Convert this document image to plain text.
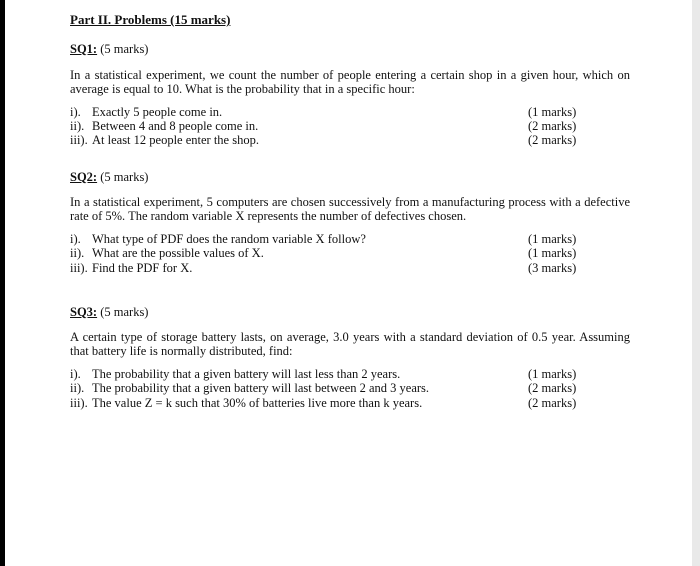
Part II. Problems (15 marks)
SQ1: (5 marks)
In a statistical experiment, we count the number of people entering a certain shop in a given hour, which on average is equal to 10. What is the probability that in a specific hour:
i). Exactly 5 people come in.	(1 marks)
ii). Between 4 and 8 people come in.	(2 marks)
iii). At least 12 people enter the shop.	(2 marks)
SQ2: (5 marks)
In a statistical experiment, 5 computers are chosen successively from a manufacturing process with a defective rate of 5%. The random variable X represents the number of defectives chosen.
i). What type of PDF does the random variable X follow?	(1 marks)
ii). What are the possible values of X.	(1 marks)
iii). Find the PDF for X.	(3 marks)
SQ3: (5 marks)
A certain type of storage battery lasts, on average, 3.0 years with a standard deviation of 0.5 year. Assuming that battery life is normally distributed, find:
i). The probability that a given battery will last less than 2 years.	(1 marks)
ii). The probability that a given battery will last between 2 and 3 years.	(2 marks)
iii). The value Z = k such that 30% of batteries live more than k years.	(2 marks)
